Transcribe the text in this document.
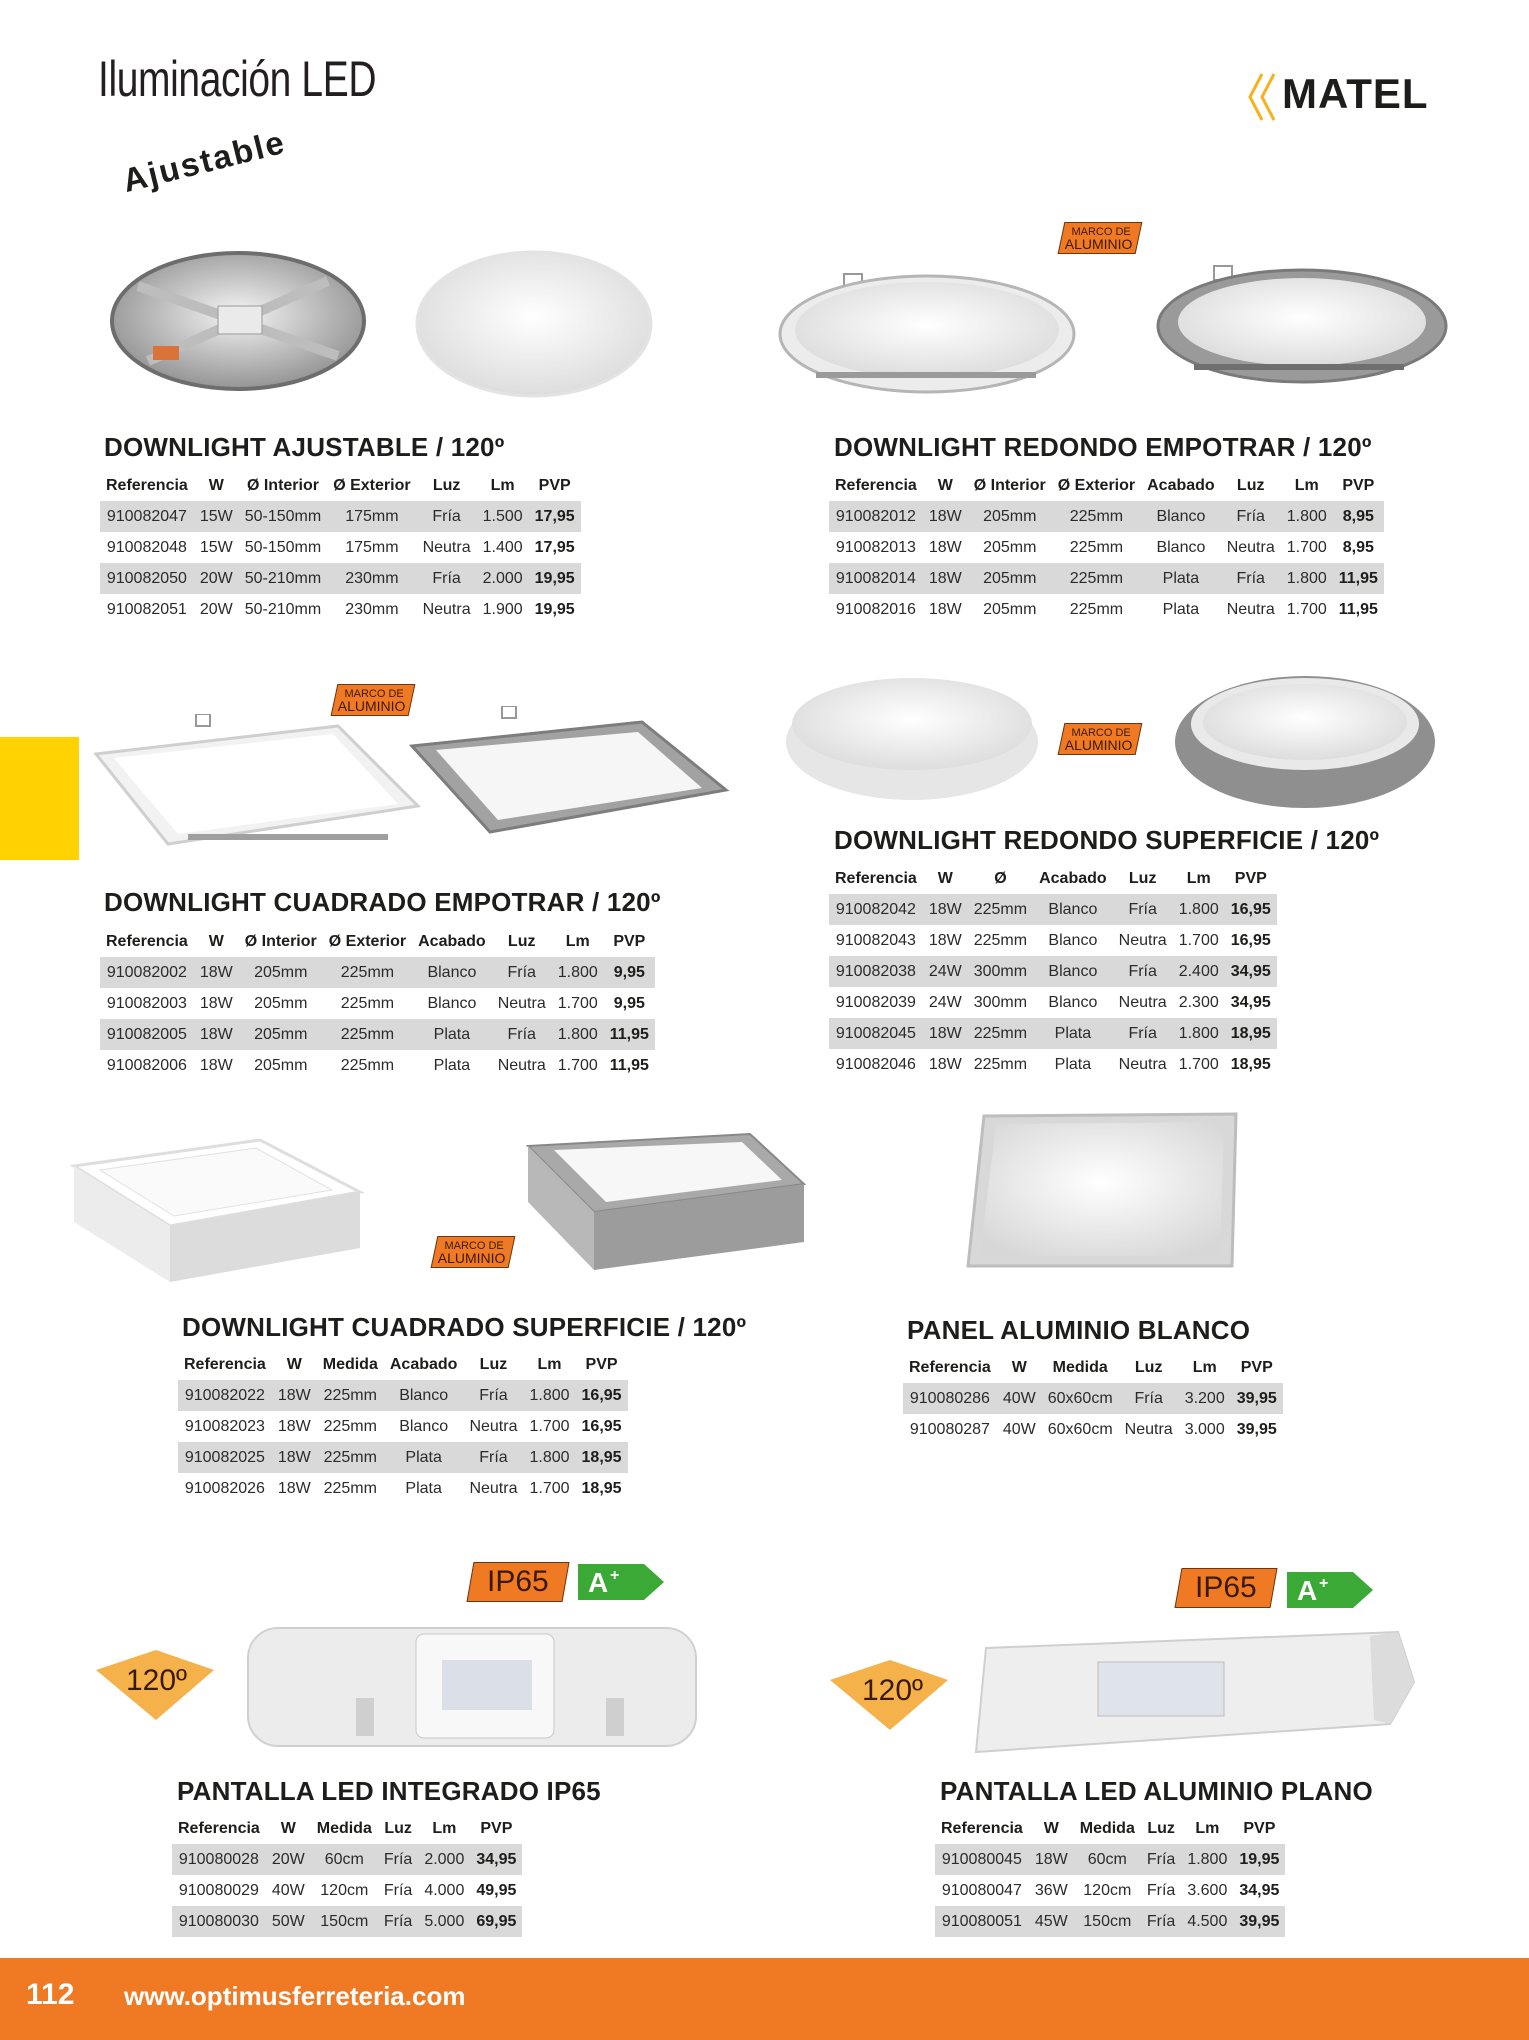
Iluminación LED	MATEL
Ajustable
MARCO DE
ALUMINIO
DOWNLIGHT AJUSTABLE / 120º
Referencia	W	Ø Interior	Ø Exterior	Luz	Lm	PVP
910082047	15W	50-150mm	175mm	Fría	1.500	17,95
910082048	15W	50-150mm	175mm	Neutra	1.400	17,95
910082050	20W	50-210mm	230mm	Fría	2.000	19,95
910082051	20W	50-210mm	230mm	Neutra	1.900	19,95
DOWNLIGHT REDONDO EMPOTRAR / 120º
Referencia	W	Ø Interior	Ø Exterior	Acabado	Luz	Lm	PVP
910082012	18W	205mm	225mm	Blanco	Fría	1.800	8,95
910082013	18W	205mm	225mm	Blanco	Neutra	1.700	8,95
910082014	18W	205mm	225mm	Plata	Fría	1.800	11,95
910082016	18W	205mm	225mm	Plata	Neutra	1.700	11,95
MARCO DE
ALUMINIO
MARCO DE
ALUMINIO
DOWNLIGHT CUADRADO EMPOTRAR / 120º
Referencia	W	Ø Interior	Ø Exterior	Acabado	Luz	Lm	PVP
910082002	18W	205mm	225mm	Blanco	Fría	1.800	9,95
910082003	18W	205mm	225mm	Blanco	Neutra	1.700	9,95
910082005	18W	205mm	225mm	Plata	Fría	1.800	11,95
910082006	18W	205mm	225mm	Plata	Neutra	1.700	11,95
DOWNLIGHT REDONDO SUPERFICIE / 120º
Referencia	W	Ø	Acabado	Luz	Lm	PVP
910082042	18W	225mm	Blanco	Fría	1.800	16,95
910082043	18W	225mm	Blanco	Neutra	1.700	16,95
910082038	24W	300mm	Blanco	Fría	2.400	34,95
910082039	24W	300mm	Blanco	Neutra	2.300	34,95
910082045	18W	225mm	Plata	Fría	1.800	18,95
910082046	18W	225mm	Plata	Neutra	1.700	18,95
MARCO DE
ALUMINIO
DOWNLIGHT CUADRADO SUPERFICIE / 120º
Referencia	W	Medida	Acabado	Luz	Lm	PVP
910082022	18W	225mm	Blanco	Fría	1.800	16,95
910082023	18W	225mm	Blanco	Neutra	1.700	16,95
910082025	18W	225mm	Plata	Fría	1.800	18,95
910082026	18W	225mm	Plata	Neutra	1.700	18,95
PANEL ALUMINIO BLANCO
Referencia	W	Medida	Luz	Lm	PVP
910080286	40W	60x60cm	Fría	3.200	39,95
910080287	40W	60x60cm	Neutra	3.000	39,95
IP65	A +
120º
IP65	A +
120º
PANTALLA LED INTEGRADO IP65
Referencia	W	Medida	Luz	Lm	PVP
910080028	20W	60cm	Fría	2.000	34,95
910080029	40W	120cm	Fría	4.000	49,95
910080030	50W	150cm	Fría	5.000	69,95
PANTALLA LED ALUMINIO PLANO
Referencia	W	Medida	Luz	Lm	PVP
910080045	18W	60cm	Fría	1.800	19,95
910080047	36W	120cm	Fría	3.600	34,95
910080051	45W	150cm	Fría	4.500	39,95
112 www.optimusferreteria.com
